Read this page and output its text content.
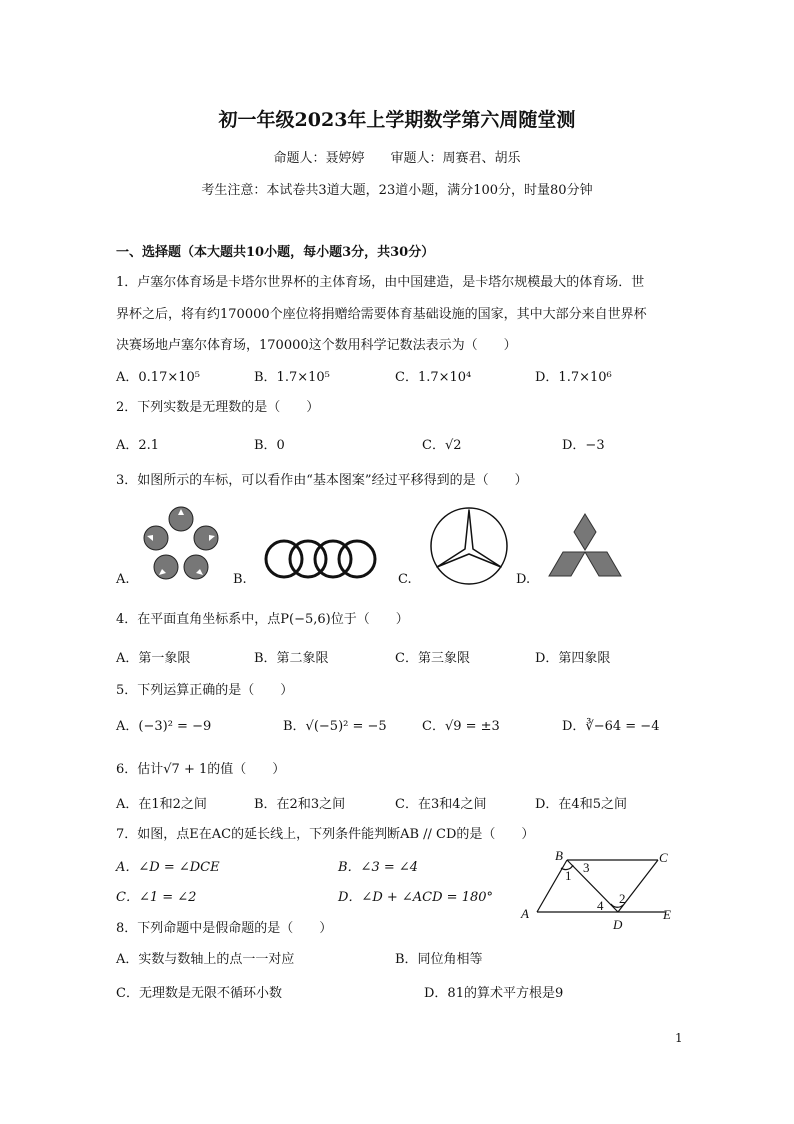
初一年级2023年上学期数学第六周随堂测
命题人：聂婷婷　　审题人：周赛君、胡乐
考生注意：本试卷共3道大题，23道小题，满分100分，时量80分钟
一、选择题（本大题共10小题，每小题3分，共30分）
1．卢塞尔体育场是卡塔尔世界杯的主体育场，由中国建造，是卡塔尔规模最大的体育场．世
界杯之后，将有约170000个座位将捐赠给需要体育基础设施的国家，其中大部分来自世界杯
决赛场地卢塞尔体育场，170000这个数用科学记数法表示为（　　）
A．0.17×10⁵	B．1.7×10⁵	C．1.7×10⁴	D．1.7×10⁶
2．下列实数是无理数的是（　　）
A．2.1	B．0	C．√2	D．−3
3．如图所示的车标，可以看作由“基本图案”经过平移得到的是（　　）
A.	B.	C.	D.
4．在平面直角坐标系中，点P(−5,6)位于（　　）
A．第一象限	B．第二象限	C．第三象限	D．第四象限
5．下列运算正确的是（　　）
A．(−3)² = −9	B．√(−5)² = −5	C．√9 = ±3	D．∛−64 = −4
6．估计√7 + 1的值（　　）
A．在1和2之间	B．在2和3之间	C．在3和4之间	D．在4和5之间
7．如图，点E在AC的延长线上，下列条件能判断AB // CD的是（　　）
A．∠D = ∠DCE	B．∠3 = ∠4
C．∠1 = ∠2	D．∠D + ∠ACD = 180°
B	C
A
D
E
1
3
2
4
8．下列命题中是假命题的是（　　）
A．实数与数轴上的点一一对应	B．同位角相等
C．无理数是无限不循环小数	D．81的算术平方根是9
1
